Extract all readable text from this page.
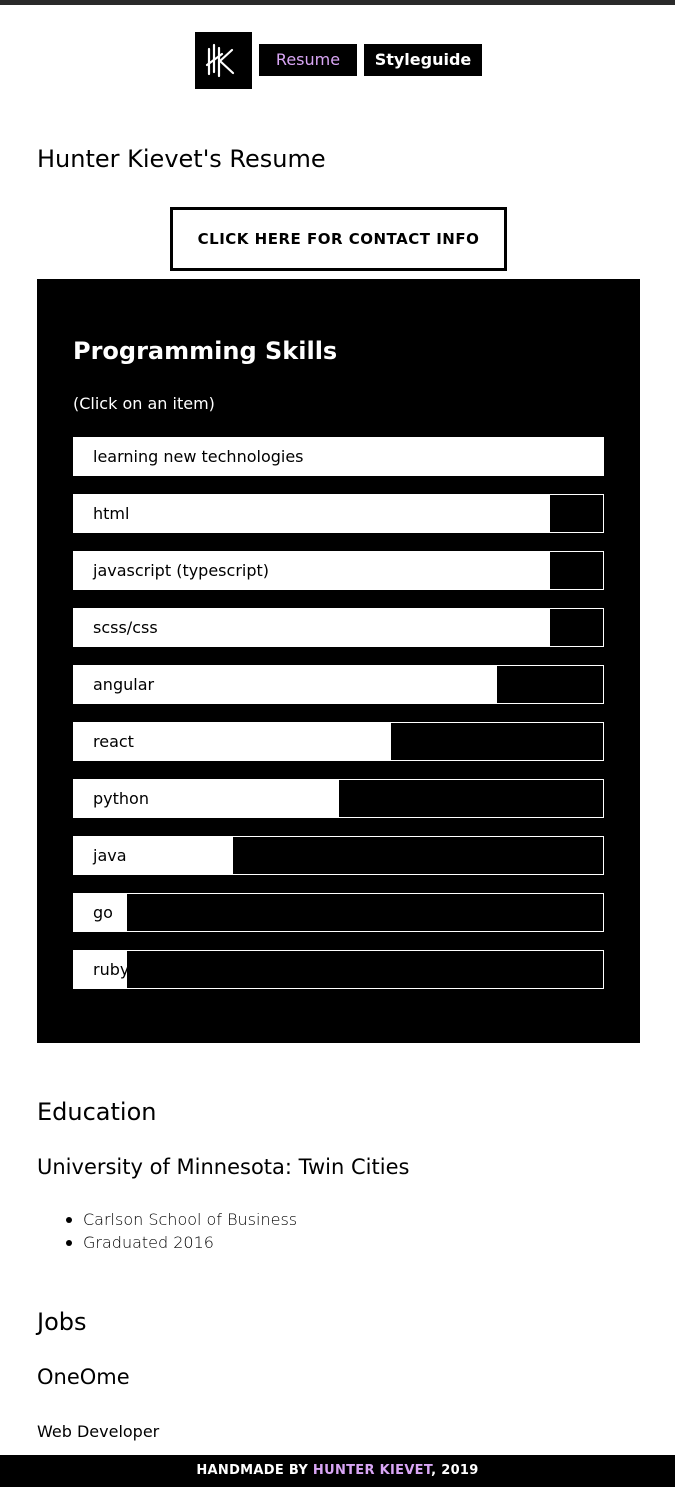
Resume	Styleguide
Hunter Kievet's Resume
CLICK HERE FOR CONTACT INFO
Programming Skills

(Click on an item)

learning new technologies
html
javascript (typescript)
scss/css
angular
react
python
java
go
ruby
Education
University of Minnesota: Twin Cities
Carlson School of Business
Graduated 2016
Jobs
OneOme

Web Developer

HANDMADE BY HUNTER KIEVET, 2019
